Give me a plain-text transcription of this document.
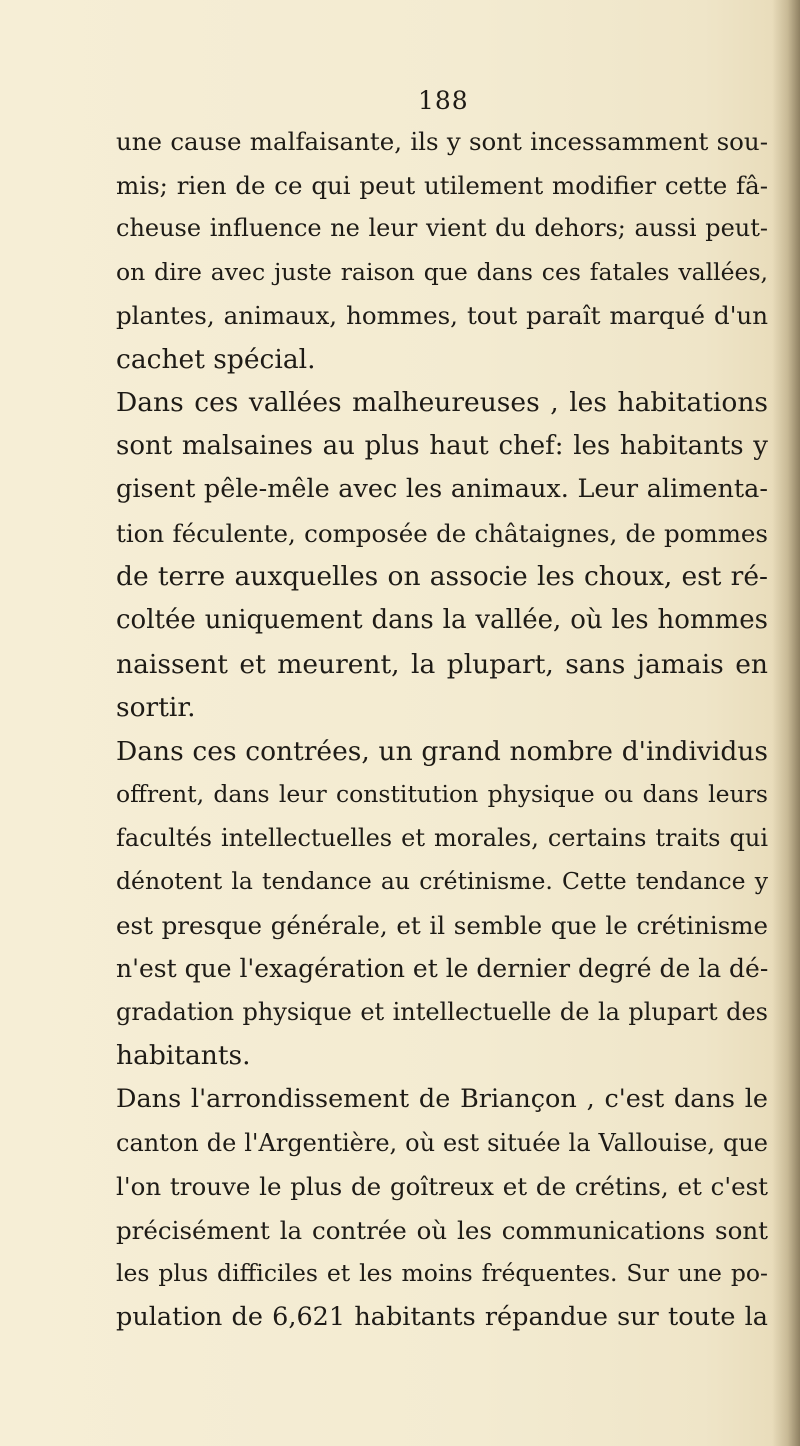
188
une cause malfaisante, ils y sont incessamment sou-
mis; rien de ce qui peut utilement modifier cette fâ-
cheuse influence ne leur vient du dehors; aussi peut-
on dire avec juste raison que dans ces fatales vallées,
plantes, animaux, hommes, tout paraît marqué d'un
cachet spécial.
Dans ces vallées malheureuses , les habitations
sont malsaines au plus haut chef: les habitants y
gisent pêle-mêle avec les animaux. Leur alimenta-
tion féculente, composée de châtaignes, de pommes
de terre auxquelles on associe les choux, est ré-
coltée uniquement dans la vallée, où les hommes
naissent et meurent, la plupart, sans jamais en
sortir.
Dans ces contrées, un grand nombre d'individus
offrent, dans leur constitution physique ou dans leurs
facultés intellectuelles et morales, certains traits qui
dénotent la tendance au crétinisme. Cette tendance y
est presque générale, et il semble que le crétinisme
n'est que l'exagération et le dernier degré de la dé-
gradation physique et intellectuelle de la plupart des
habitants.
Dans l'arrondissement de Briançon , c'est dans le
canton de l'Argentière, où est située la Vallouise, que
l'on trouve le plus de goîtreux et de crétins, et c'est
précisément la contrée où les communications sont
les plus difficiles et les moins fréquentes. Sur une po-
pulation de 6,621 habitants répandue sur toute la
